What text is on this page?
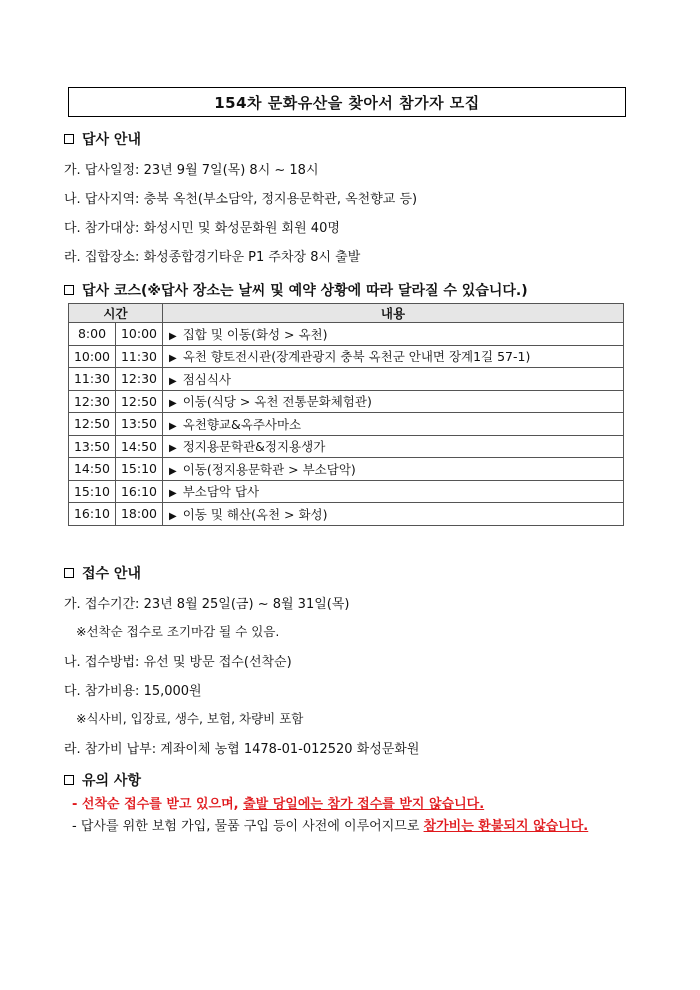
154차 문화유산을 찾아서 참가자 모집
답사 안내
가. 답사일정: 23년 9월 7일(목) 8시 ~ 18시
나. 답사지역: 충북 옥천(부소담악, 정지용문학관, 옥천향교 등)
다. 참가대상: 화성시민 및 화성문화원 회원 40명
라. 집합장소: 화성종합경기타운 P1 주차장 8시 출발
답사 코스(※답사 장소는 날씨 및 예약 상황에 따라 달라질 수 있습니다.)
시간		내용
8:00	10:00	▶ 집합 및 이동(화성 > 옥천)
10:00	11:30	▶ 옥천 향토전시관(장계관광지 충북 옥천군 안내면 장계1길 57-1)
11:30	12:30	▶ 점심식사
12:30	12:50	▶ 이동(식당 > 옥천 전통문화체험관)
12:50	13:50	▶ 옥천향교&옥주사마소
13:50	14:50	▶ 정지용문학관&정지용생가
14:50	15:10	▶ 이동(정지용문학관 > 부소담악)
15:10	16:10	▶ 부소담악 답사
16:10	18:00	▶ 이동 및 해산(옥천 > 화성)
접수 안내
가. 접수기간: 23년 8월 25일(금) ~ 8월 31일(목)
※선착순 접수로 조기마감 될 수 있음.
나. 접수방법: 유선 및 방문 접수(선착순)
다. 참가비용: 15,000원
※식사비, 입장료, 생수, 보험, 차량비 포함
라. 참가비 납부: 계좌이체 농협 1478-01-012520 화성문화원
유의 사항
- 선착순 접수를 받고 있으며, 출발 당일에는 참가 접수를 받지 않습니다.
- 답사를 위한 보험 가입, 물품 구입 등이 사전에 이루어지므로 참가비는 환불되지 않습니다.
